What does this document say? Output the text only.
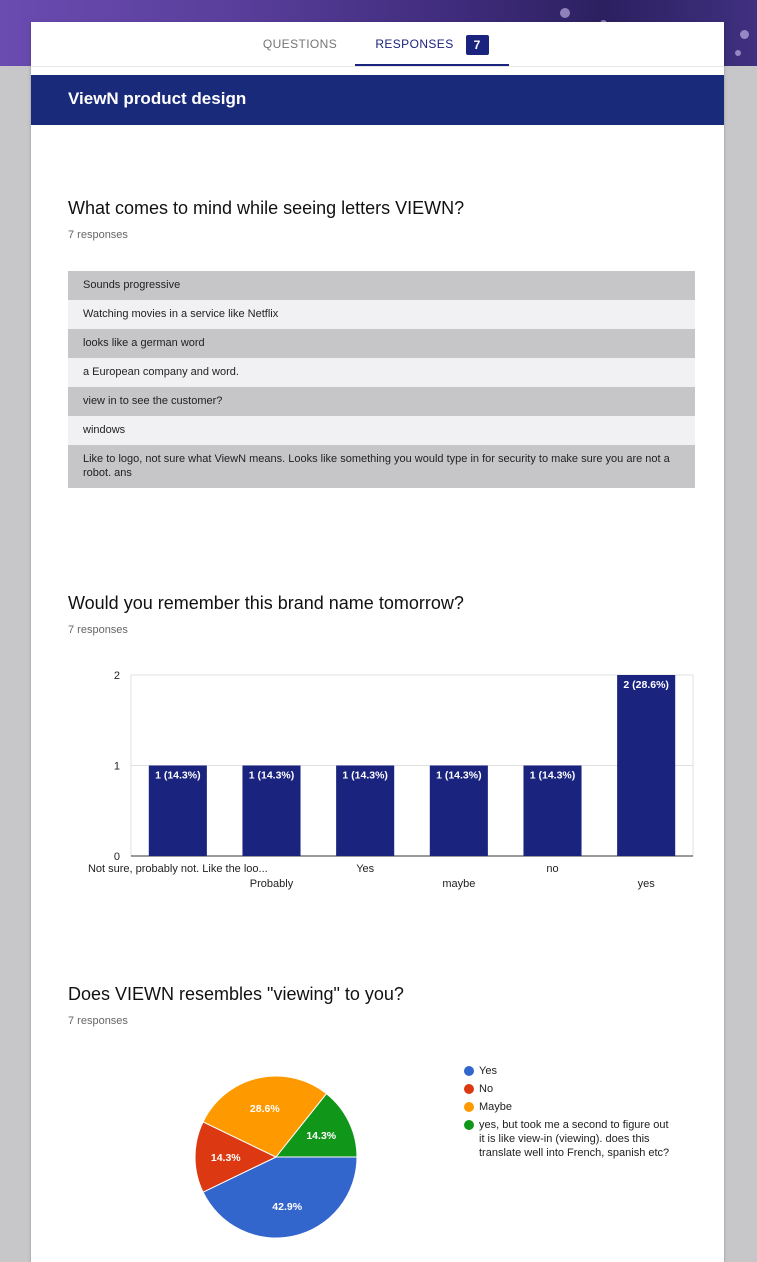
QUESTIONS	RESPONSES 7
ViewN product design
What comes to mind while seeing letters VIEWN?
7 responses
Sounds progressive
Watching movies in a service like Netflix
looks like a german word
a European company and word.
view in to see the customer?
windows
Like to logo, not sure what ViewN means. Looks like something you would type in for security to make sure you are not a robot. ans
Would you remember this brand name tomorrow?
7 responses
0
1
2
1 (14.3%)
Not sure, probably not. Like the loo...
1 (14.3%)
Probably
1 (14.3%)
Yes
1 (14.3%)
maybe
1 (14.3%)
no
2 (28.6%)
yes
Does VIEWN resembles "viewing" to you?
7 responses
42.9%
14.3%
28.6%
14.3%
Yes
No
Maybe
yes, but took me a second to figure out it is like view-in (viewing). does this translate well into French, spanish etc?
